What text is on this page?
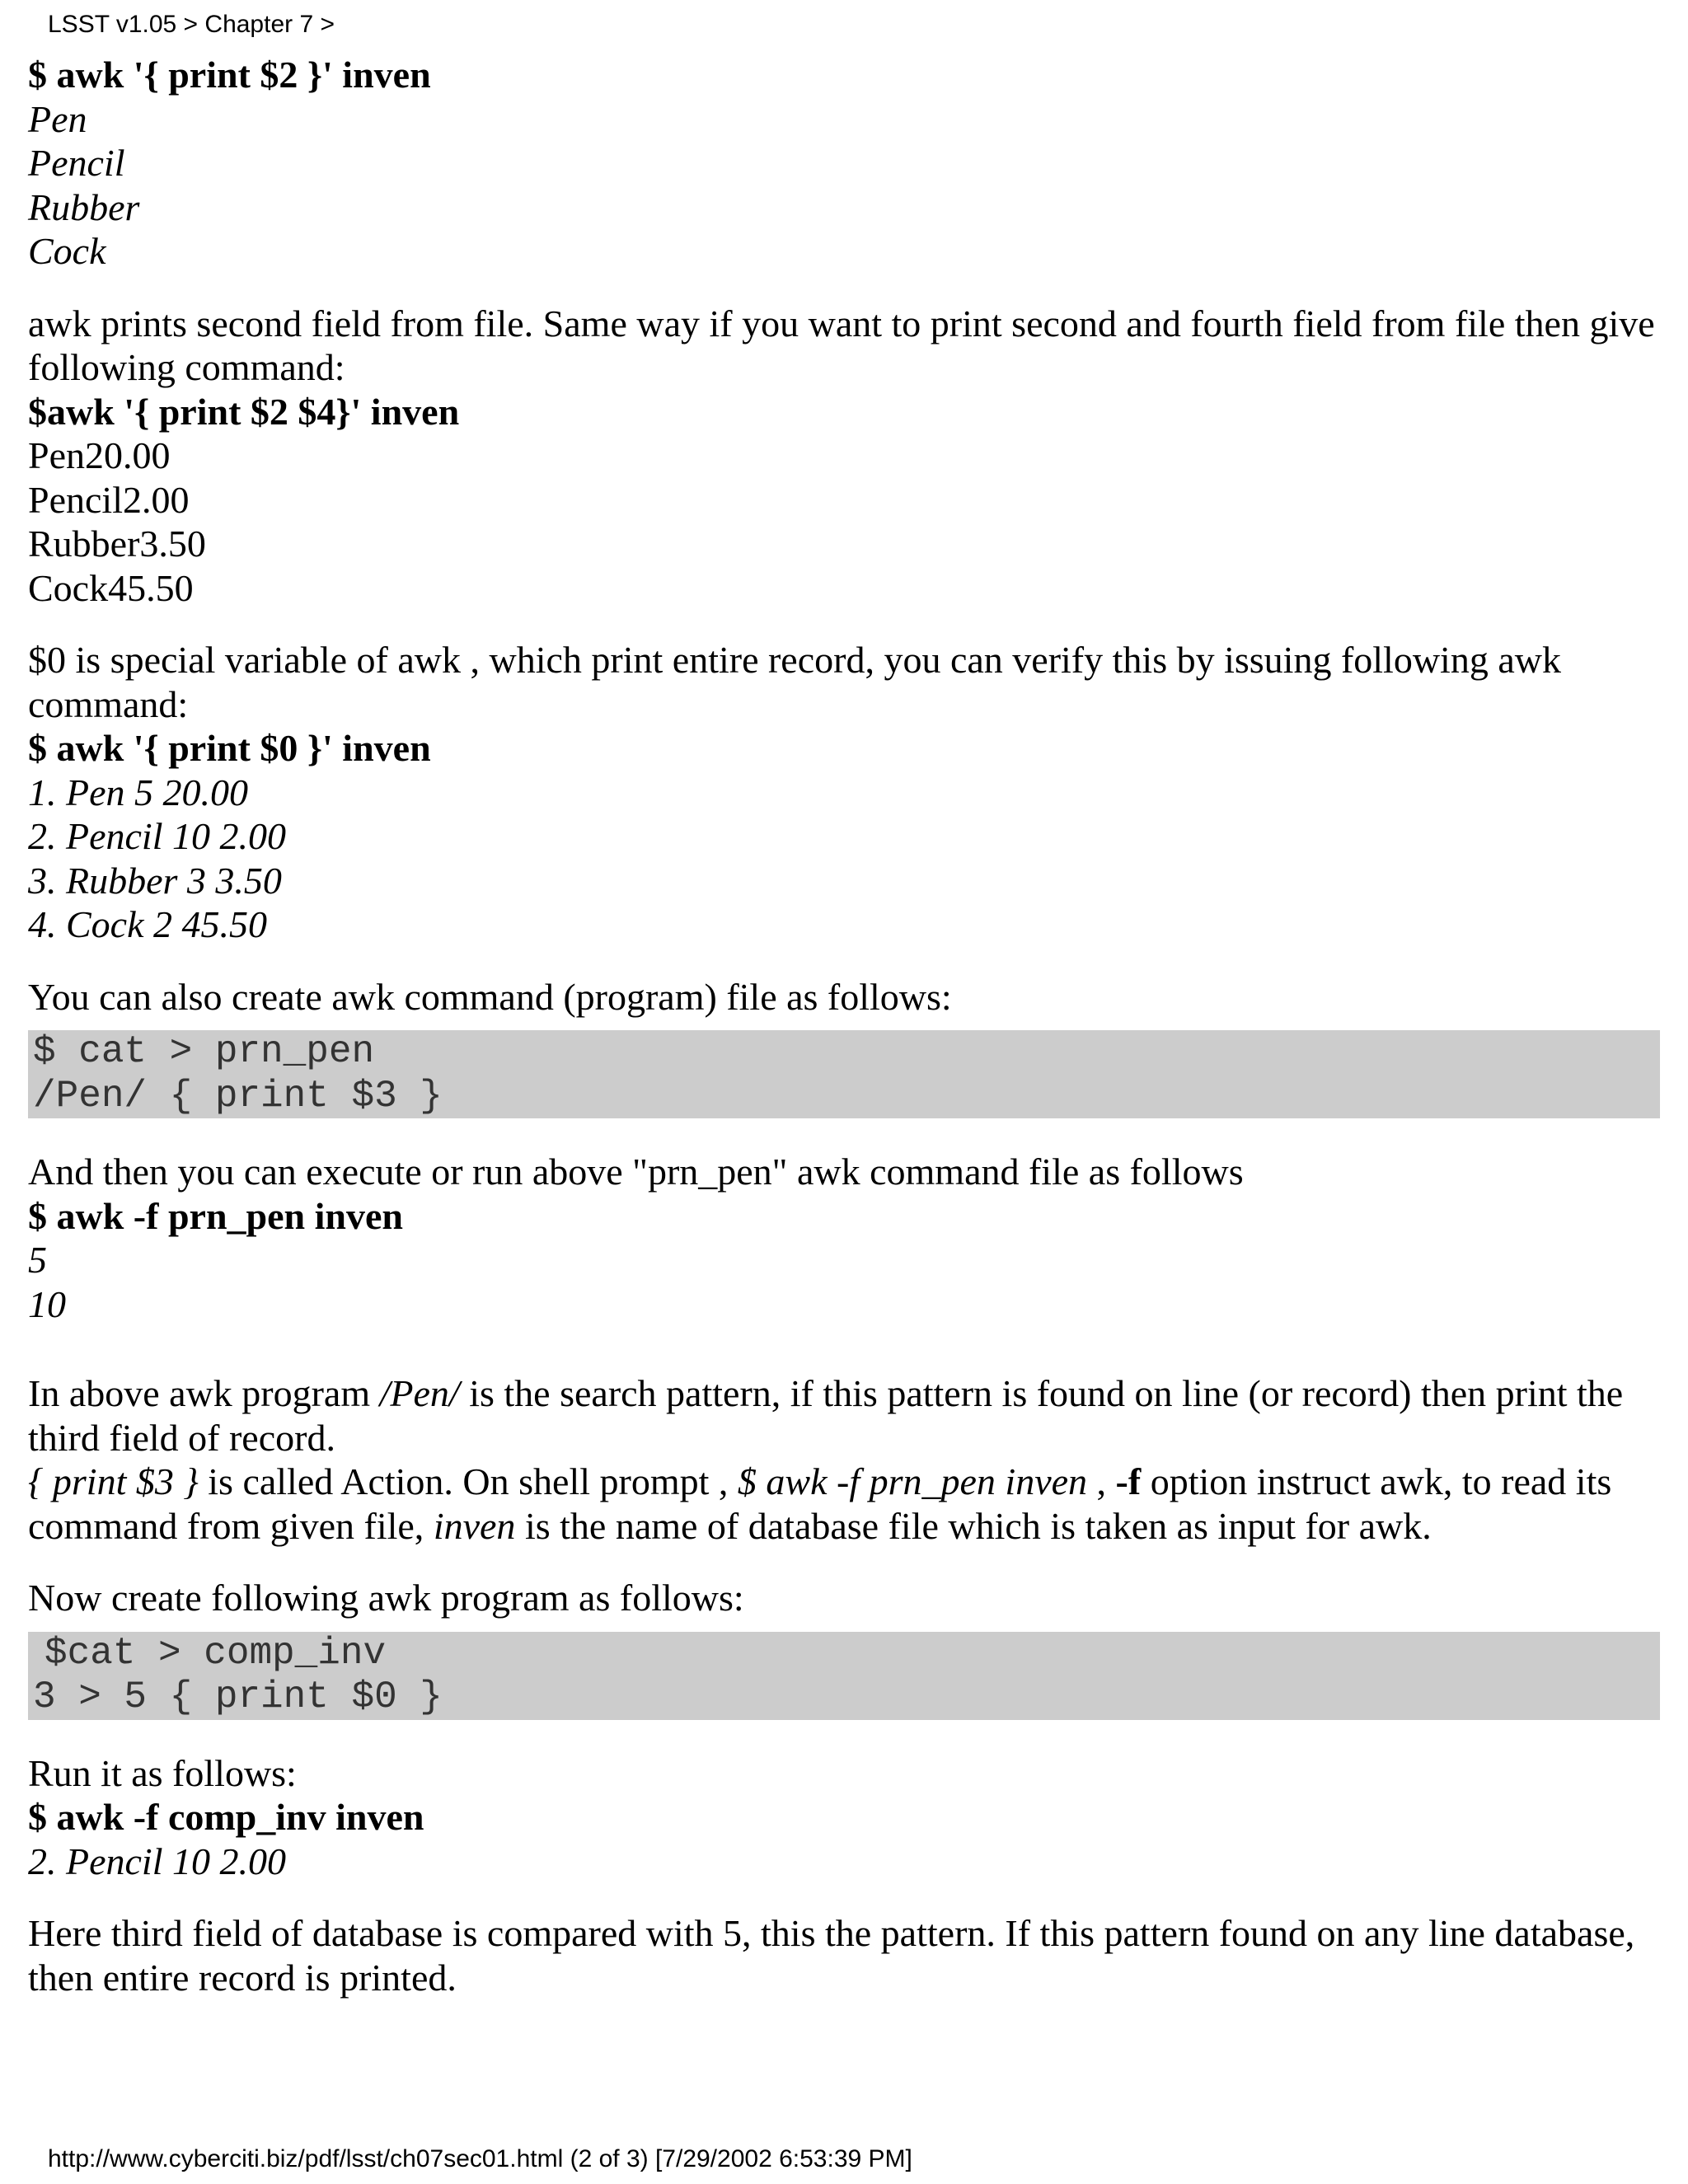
LSST v1.05 > Chapter 7 >

$ awk '{ print $2 }' inven

Pen

Pencil

Rubber

Cock

awk prints second field from file. Same way if you want to print second and fourth field from file then give following command:

$awk '{ print $2 $4}' inven

Pen20.00

Pencil2.00

Rubber3.50

Cock45.50

$0 is special variable of awk , which print entire record, you can verify this by issuing following awk command:

$ awk '{ print $0 }' inven

1. Pen 5 20.00

2. Pencil 10 2.00

3. Rubber 3 3.50

4. Cock 2 45.50

You can also create awk command (program) file as follows:

$ cat > prn_pen
/Pen/ { print $3 }

And then you can execute or run above "prn_pen" awk command file as follows

$ awk -f prn_pen inven

5

10

In above awk program /Pen/ is the search pattern, if this pattern is found on line (or record) then print the third field of record.

{ print $3 } is called Action. On shell prompt , $ awk -f prn_pen inven , -f option instruct awk, to read its command from given file, inven is the name of database file which is taken as input for awk.

Now create following awk program as follows:

$cat > comp_inv
3 > 5 { print $0 }

Run it as follows:

$ awk -f comp_inv inven

2. Pencil 10 2.00

Here third field of database is compared with 5, this the pattern. If this pattern found on any line database, then entire record is printed.

http://www.cyberciti.biz/pdf/lsst/ch07sec01.html (2 of 3) [7/29/2002 6:53:39 PM]
